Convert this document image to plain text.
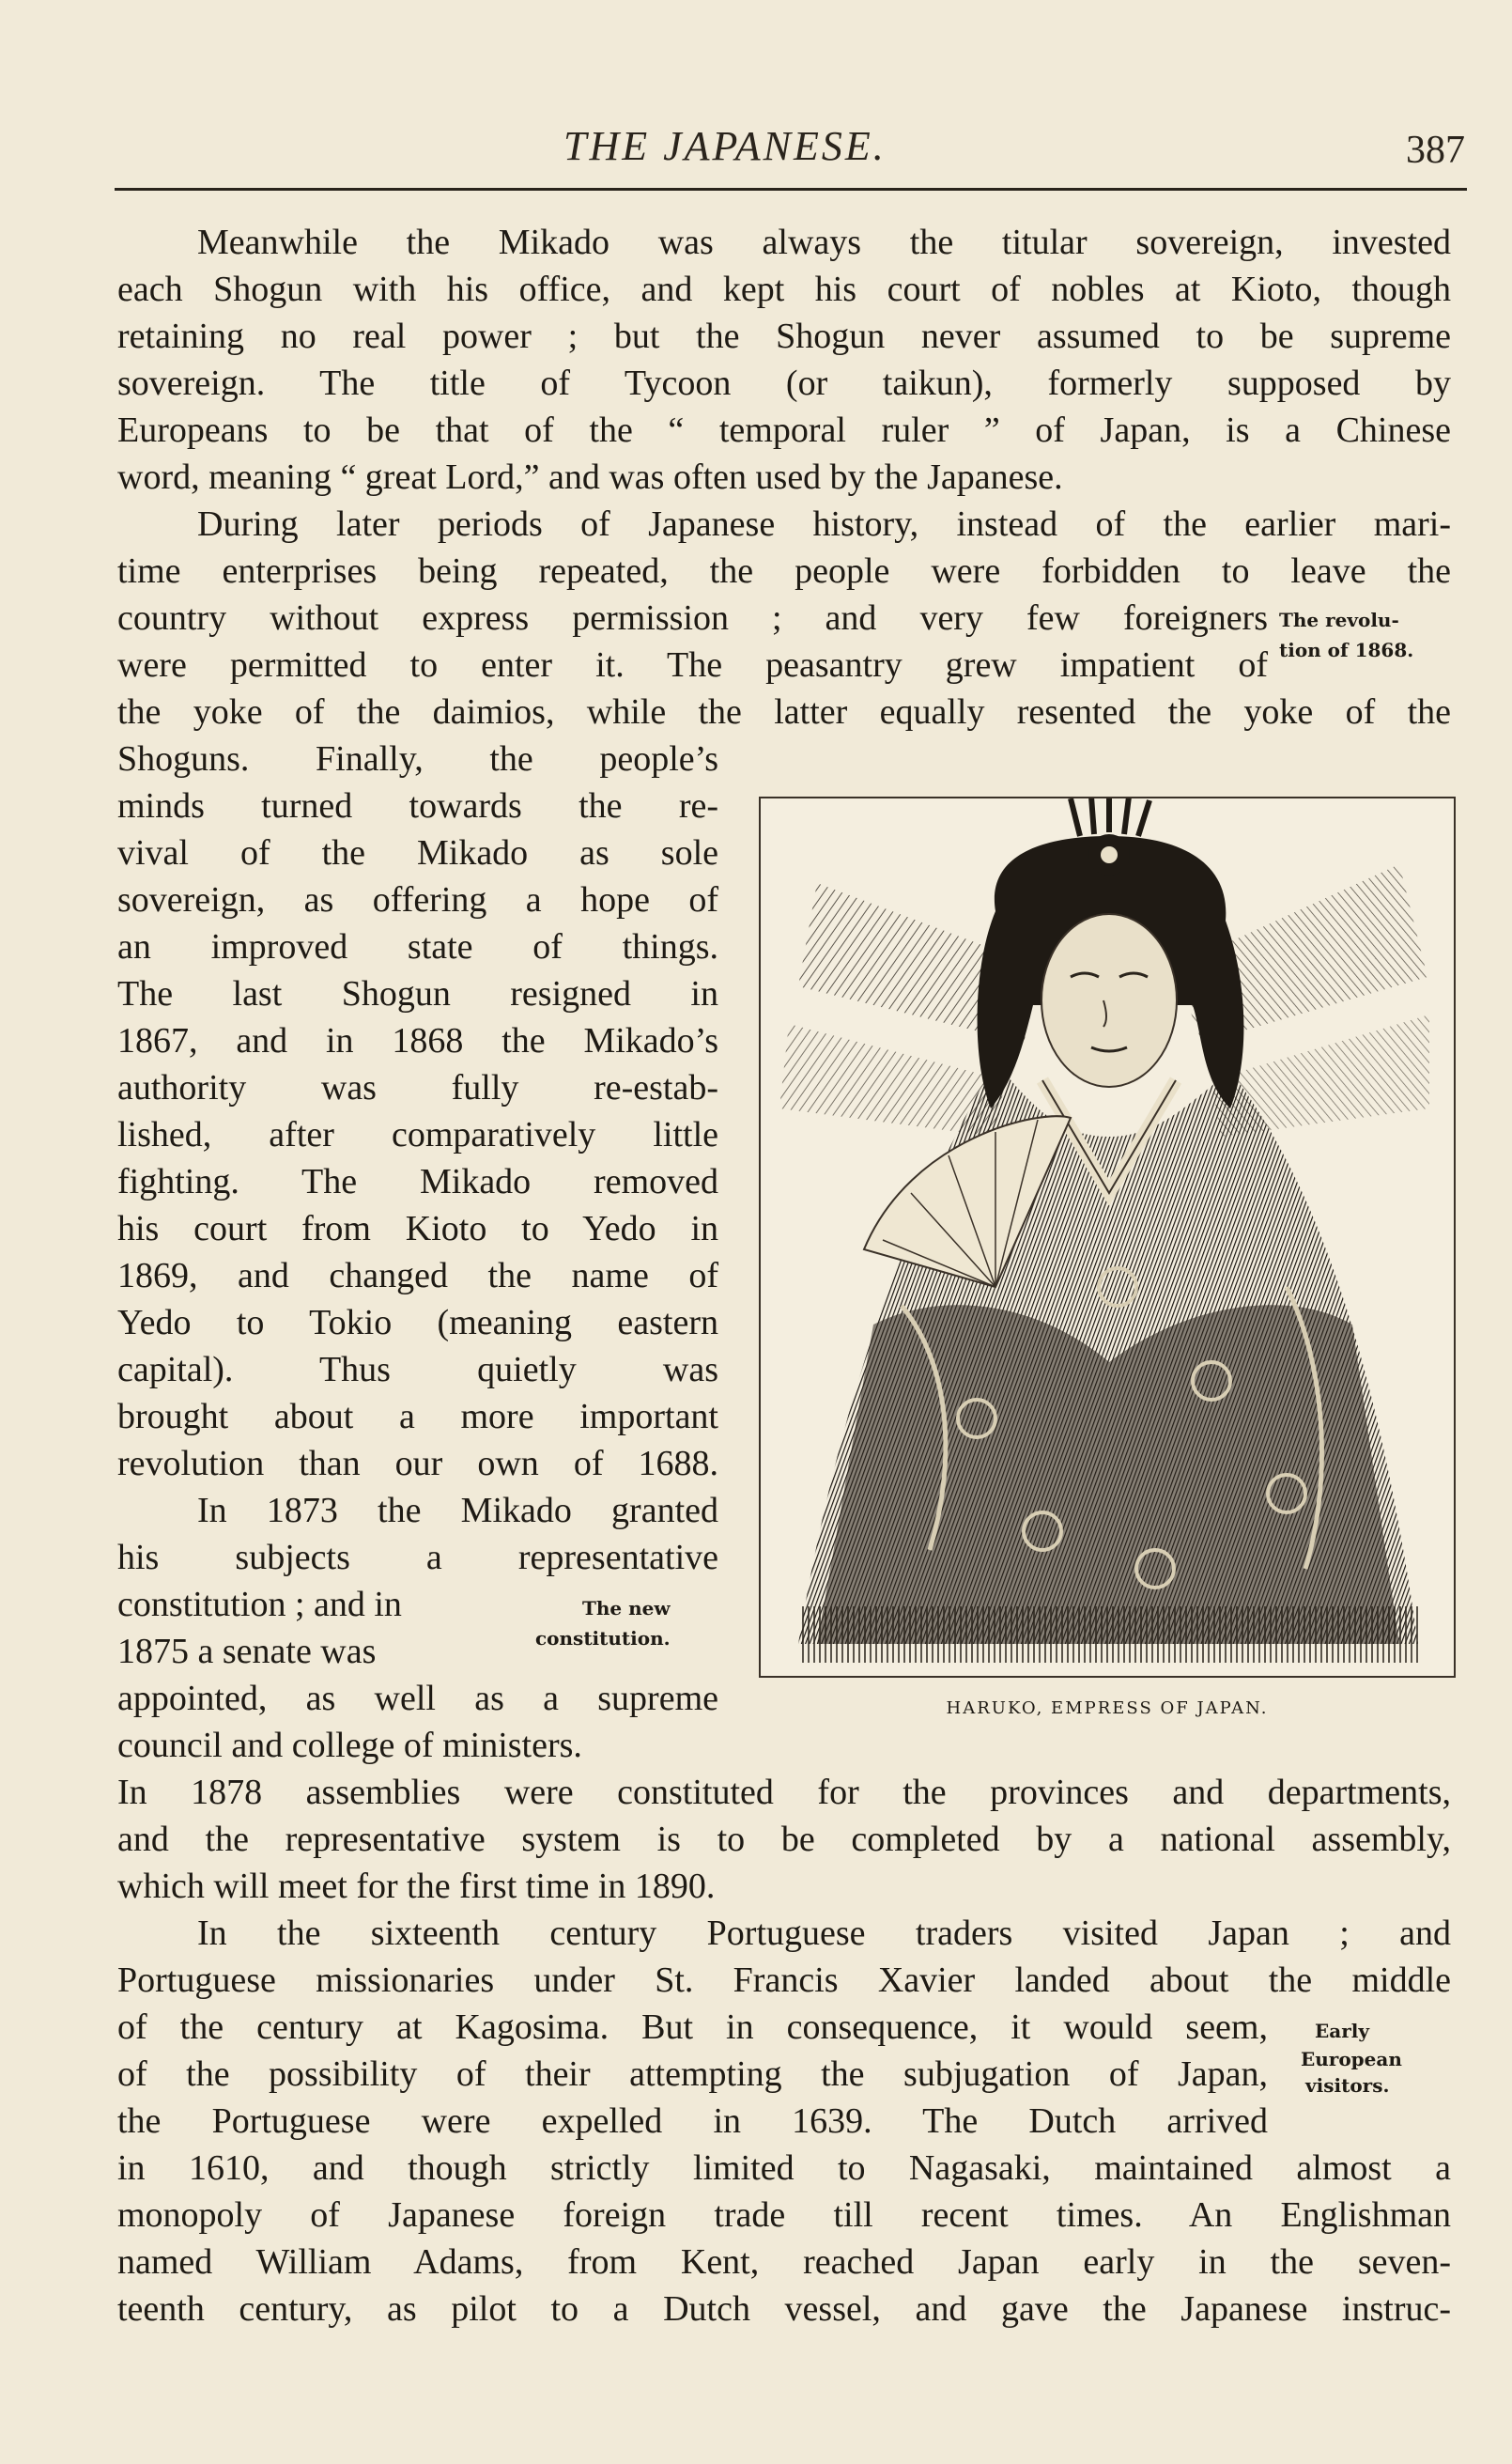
THE JAPANESE.	387
Meanwhile the Mikado was always the titular sovereign, invested
each Shogun with his office, and kept his court of nobles at Kioto, though
retaining no real power ; but the Shogun never assumed to be supreme
sovereign. The title of Tycoon (or taikun), formerly supposed by
Europeans to be that of the “ temporal ruler ” of Japan, is a Chinese
word, meaning “ great Lord,” and was often used by the Japanese.
During later periods of Japanese history, instead of the earlier mari-
time enterprises being repeated, the people were forbidden to leave the
country without express permission ; and very few foreigners The revolu-
were permitted to enter it. The peasantry grew impatient of tion of 1868.
the yoke of the daimios, while the latter equally resented the yoke of the
Shoguns. Finally, the people’s
minds turned towards the re-
vival of the Mikado as sole
sovereign, as offering a hope of
an improved state of things.
The last Shogun resigned in
1867, and in 1868 the Mikado’s
authority was fully re-estab-
lished, after comparatively little
fighting. The Mikado removed
his court from Kioto to Yedo in
1869, and changed the name of
Yedo to Tokio (meaning eastern
capital). Thus quietly was
brought about a more important
revolution than our own of 1688.
In 1873 the Mikado granted
his subjects a representative
constitution ; and in	The new
1875 a senate was	constitution.
appointed, as well as a supreme
council and college of ministers.
HARUKO, EMPRESS OF JAPAN.
In 1878 assemblies were constituted for the provinces and departments,
and the representative system is to be completed by a national assembly,
which will meet for the first time in 1890.
In the sixteenth century Portuguese traders visited Japan ; and
Portuguese missionaries under St. Francis Xavier landed about the middle
of the century at Kagosima. But in consequence, it would seem,	Early
of the possibility of their attempting the subjugation of Japan, European
the Portuguese were expelled in 1639. The Dutch arrived
visitors.
in 1610, and though strictly limited to Nagasaki, maintained almost a
monopoly of Japanese foreign trade till recent times. An Englishman
named William Adams, from Kent, reached Japan early in the seven-
teenth century, as pilot to a Dutch vessel, and gave the Japanese instruc-
